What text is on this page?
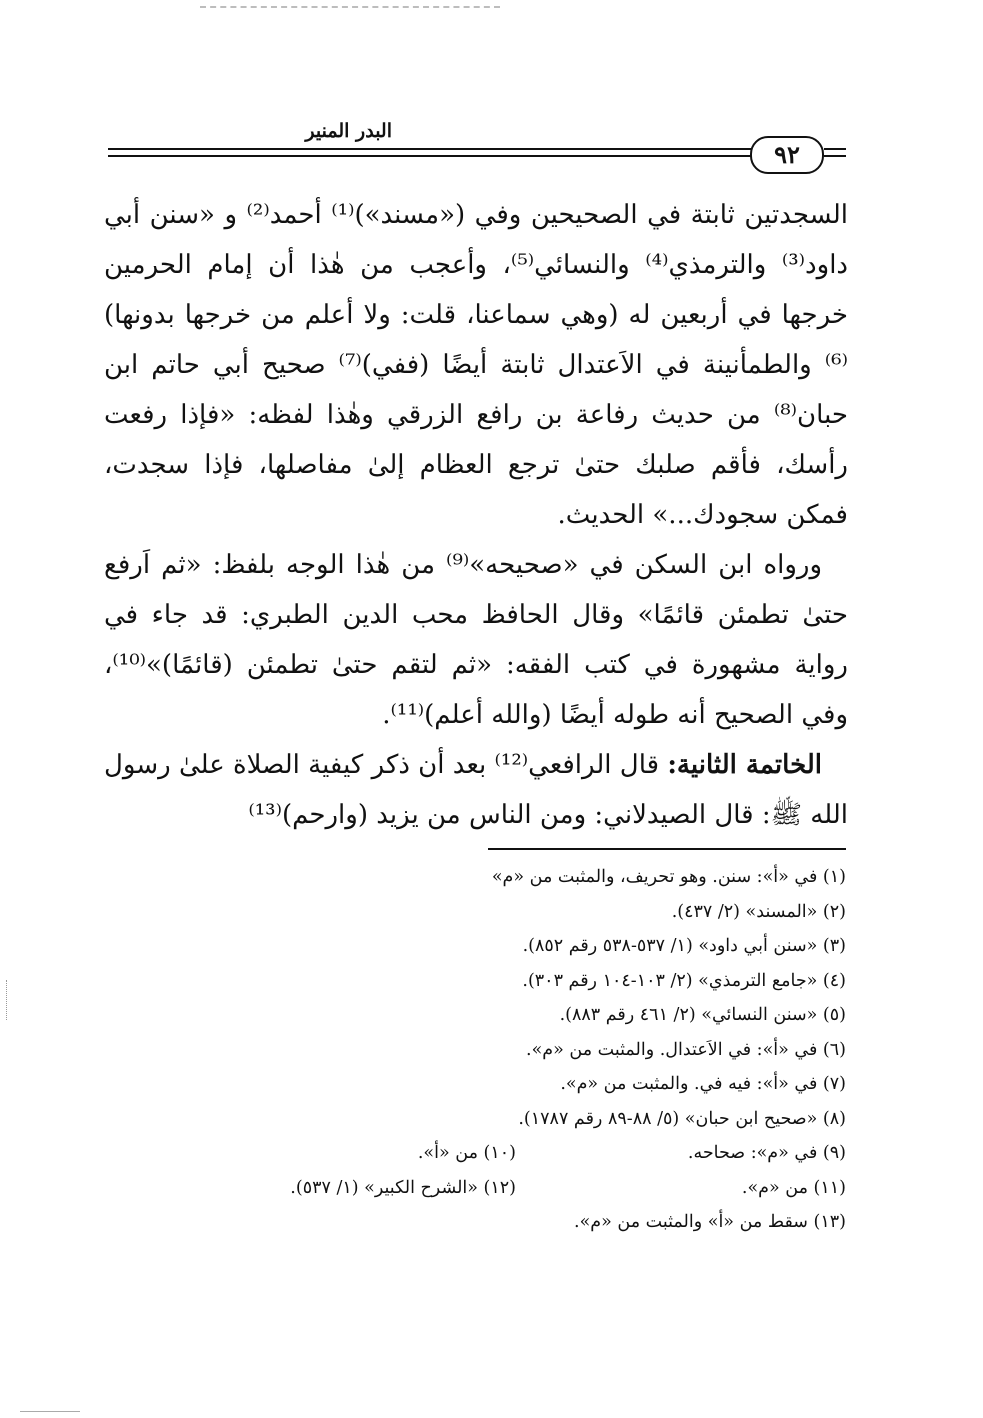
البدر المنير
٩٢

السجدتين ثابتة في الصحيحين وفي («مسند»)⁽¹⁾ أحمد⁽²⁾ و «سنن أبي داود⁽³⁾ والترمذي⁽⁴⁾ والنسائي⁽⁵⁾، وأعجب من هٰذا أن إمام الحرمين خرجها في أربعين له (وهي سماعنا، قلت: ولا أعلم من خرجها بدونها)⁽⁶⁾ والطمأنينة في الاَعتدال ثابتة أيضًا (ففي)⁽⁷⁾ صحيح أبي حاتم ابن حبان⁽⁸⁾ من حديث رفاعة بن رافع الزرقي وهٰذا لفظه: «فإذا رفعت رأسك، فأقم صلبك حتىٰ ترجع العظام إلىٰ مفاصلها، فإذا سجدت، فمكن سجودك...» الحديث.

ورواه ابن السكن في «صحيحه»⁽⁹⁾ من هٰذا الوجه بلفظ: «ثم اَرفع حتىٰ تطمئن قائمًا» وقال الحافظ محب الدين الطبري: قد جاء في رواية مشهورة في كتب الفقه: «ثم لتقم حتىٰ تطمئن (قائمًا)»⁽¹⁰⁾، وفي الصحيح أنه طوله أيضًا (والله أعلم)⁽¹¹⁾.

الخاتمة الثانية: قال الرافعي⁽¹²⁾ بعد أن ذكر كيفية الصلاة علىٰ رسول الله ﷺ: قال الصيدلاني: ومن الناس من يزيد (وارحم)⁽¹³⁾

(١) في «أ»: سنن. وهو تحريف، والمثبت من «م»
(٢) «المسند» (٢/ ٤٣٧).
(٣) «سنن أبي داود» (١/ ٥٣٧-٥٣٨ رقم ٨٥٢).
(٤) «جامع الترمذي» (٢/ ١٠٣-١٠٤ رقم ٣٠٣).
(٥) «سنن النسائي» (٢/ ٤٦١ رقم ٨٨٣).
(٦) في «أ»: في الاَعتدال. والمثبت من «م».
(٧) في «أ»: فيه في. والمثبت من «م».
(٨) «صحيح ابن حبان» (٥/ ٨٨-٨٩ رقم ١٧٨٧).
(٩) في «م»: صحاحه.
(١٠) من «أ».
(١١) من «م».
(١٢) «الشرح الكبير» (١/ ٥٣٧).
(١٣) سقط من «أ» والمثبت من «م».
